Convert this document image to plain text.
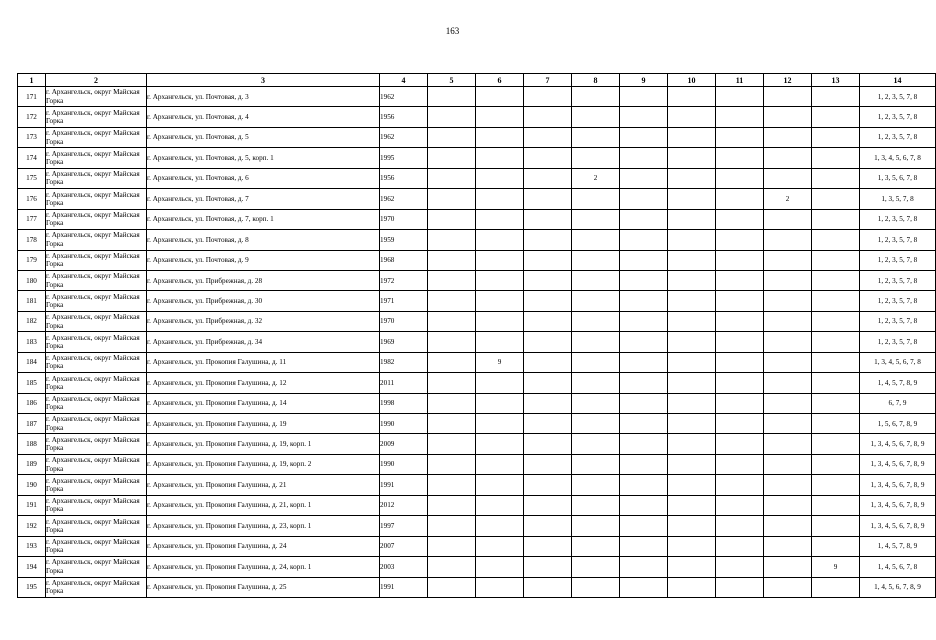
163
1	2	3	4	5	6	7	8	9	10	11	12	13	14
171	г. Архангельск, округ Майская Горка	г. Архангельск, ул. Почтовая, д. 3	1962										1, 2, 3, 5, 7, 8
172	г. Архангельск, округ Майская Горка	г. Архангельск, ул. Почтовая, д. 4	1956										1, 2, 3, 5, 7, 8
173	г. Архангельск, округ Майская Горка	г. Архангельск, ул. Почтовая, д. 5	1962										1, 2, 3, 5, 7, 8
174	г. Архангельск, округ Майская Горка	г. Архангельск, ул. Почтовая, д. 5, корп. 1	1995										1, 3, 4, 5, 6, 7, 8
175	г. Архангельск, округ Майская Горка	г. Архангельск, ул. Почтовая, д. 6	1956				2						1, 3, 5, 6, 7, 8
176	г. Архангельск, округ Майская Горка	г. Архангельск, ул. Почтовая, д. 7	1962								2		1, 3, 5, 7, 8
177	г. Архангельск, округ Майская Горка	г. Архангельск, ул. Почтовая, д. 7, корп. 1	1970										1, 2, 3, 5, 7, 8
178	г. Архангельск, округ Майская Горка	г. Архангельск, ул. Почтовая, д. 8	1959										1, 2, 3, 5, 7, 8
179	г. Архангельск, округ Майская Горка	г. Архангельск, ул. Почтовая, д. 9	1968										1, 2, 3, 5, 7, 8
180	г. Архангельск, округ Майская Горка	г. Архангельск, ул. Прибрежная, д. 28	1972										1, 2, 3, 5, 7, 8
181	г. Архангельск, округ Майская Горка	г. Архангельск, ул. Прибрежная, д. 30	1971										1, 2, 3, 5, 7, 8
182	г. Архангельск, округ Майская Горка	г. Архангельск, ул. Прибрежная, д. 32	1970										1, 2, 3, 5, 7, 8
183	г. Архангельск, округ Майская Горка	г. Архангельск, ул. Прибрежная, д. 34	1969										1, 2, 3, 5, 7, 8
184	г. Архангельск, округ Майская Горка	г. Архангельск, ул. Прокопия Галушина, д. 11	1982		9								1, 3, 4, 5, 6, 7, 8
185	г. Архангельск, округ Майская Горка	г. Архангельск, ул. Прокопия Галушина, д. 12	2011										1, 4, 5, 7, 8, 9
186	г. Архангельск, округ Майская Горка	г. Архангельск, ул. Прокопия Галушина, д. 14	1998										6, 7, 9
187	г. Архангельск, округ Майская Горка	г. Архангельск, ул. Прокопия Галушина, д. 19	1990										1, 5, 6, 7, 8, 9
188	г. Архангельск, округ Майская Горка	г. Архангельск, ул. Прокопия Галушина, д. 19, корп. 1	2009										1, 3, 4, 5, 6, 7, 8, 9
189	г. Архангельск, округ Майская Горка	г. Архангельск, ул. Прокопия Галушина, д. 19, корп. 2	1990										1, 3, 4, 5, 6, 7, 8, 9
190	г. Архангельск, округ Майская Горка	г. Архангельск, ул. Прокопия Галушина, д. 21	1991										1, 3, 4, 5, 6, 7, 8, 9
191	г. Архангельск, округ Майская Горка	г. Архангельск, ул. Прокопия Галушина, д. 21, корп. 1	2012										1, 3, 4, 5, 6, 7, 8, 9
192	г. Архангельск, округ Майская Горка	г. Архангельск, ул. Прокопия Галушина, д. 23, корп. 1	1997										1, 3, 4, 5, 6, 7, 8, 9
193	г. Архангельск, округ Майская Горка	г. Архангельск, ул. Прокопия Галушина, д. 24	2007										1, 4, 5, 7, 8, 9
194	г. Архангельск, округ Майская Горка	г. Архангельск, ул. Прокопия Галушина, д. 24, корп. 1	2003									9	1, 4, 5, 6, 7, 8
195	г. Архангельск, округ Майская Горка	г. Архангельск, ул. Прокопия Галушина, д. 25	1991										1, 4, 5, 6, 7, 8, 9
